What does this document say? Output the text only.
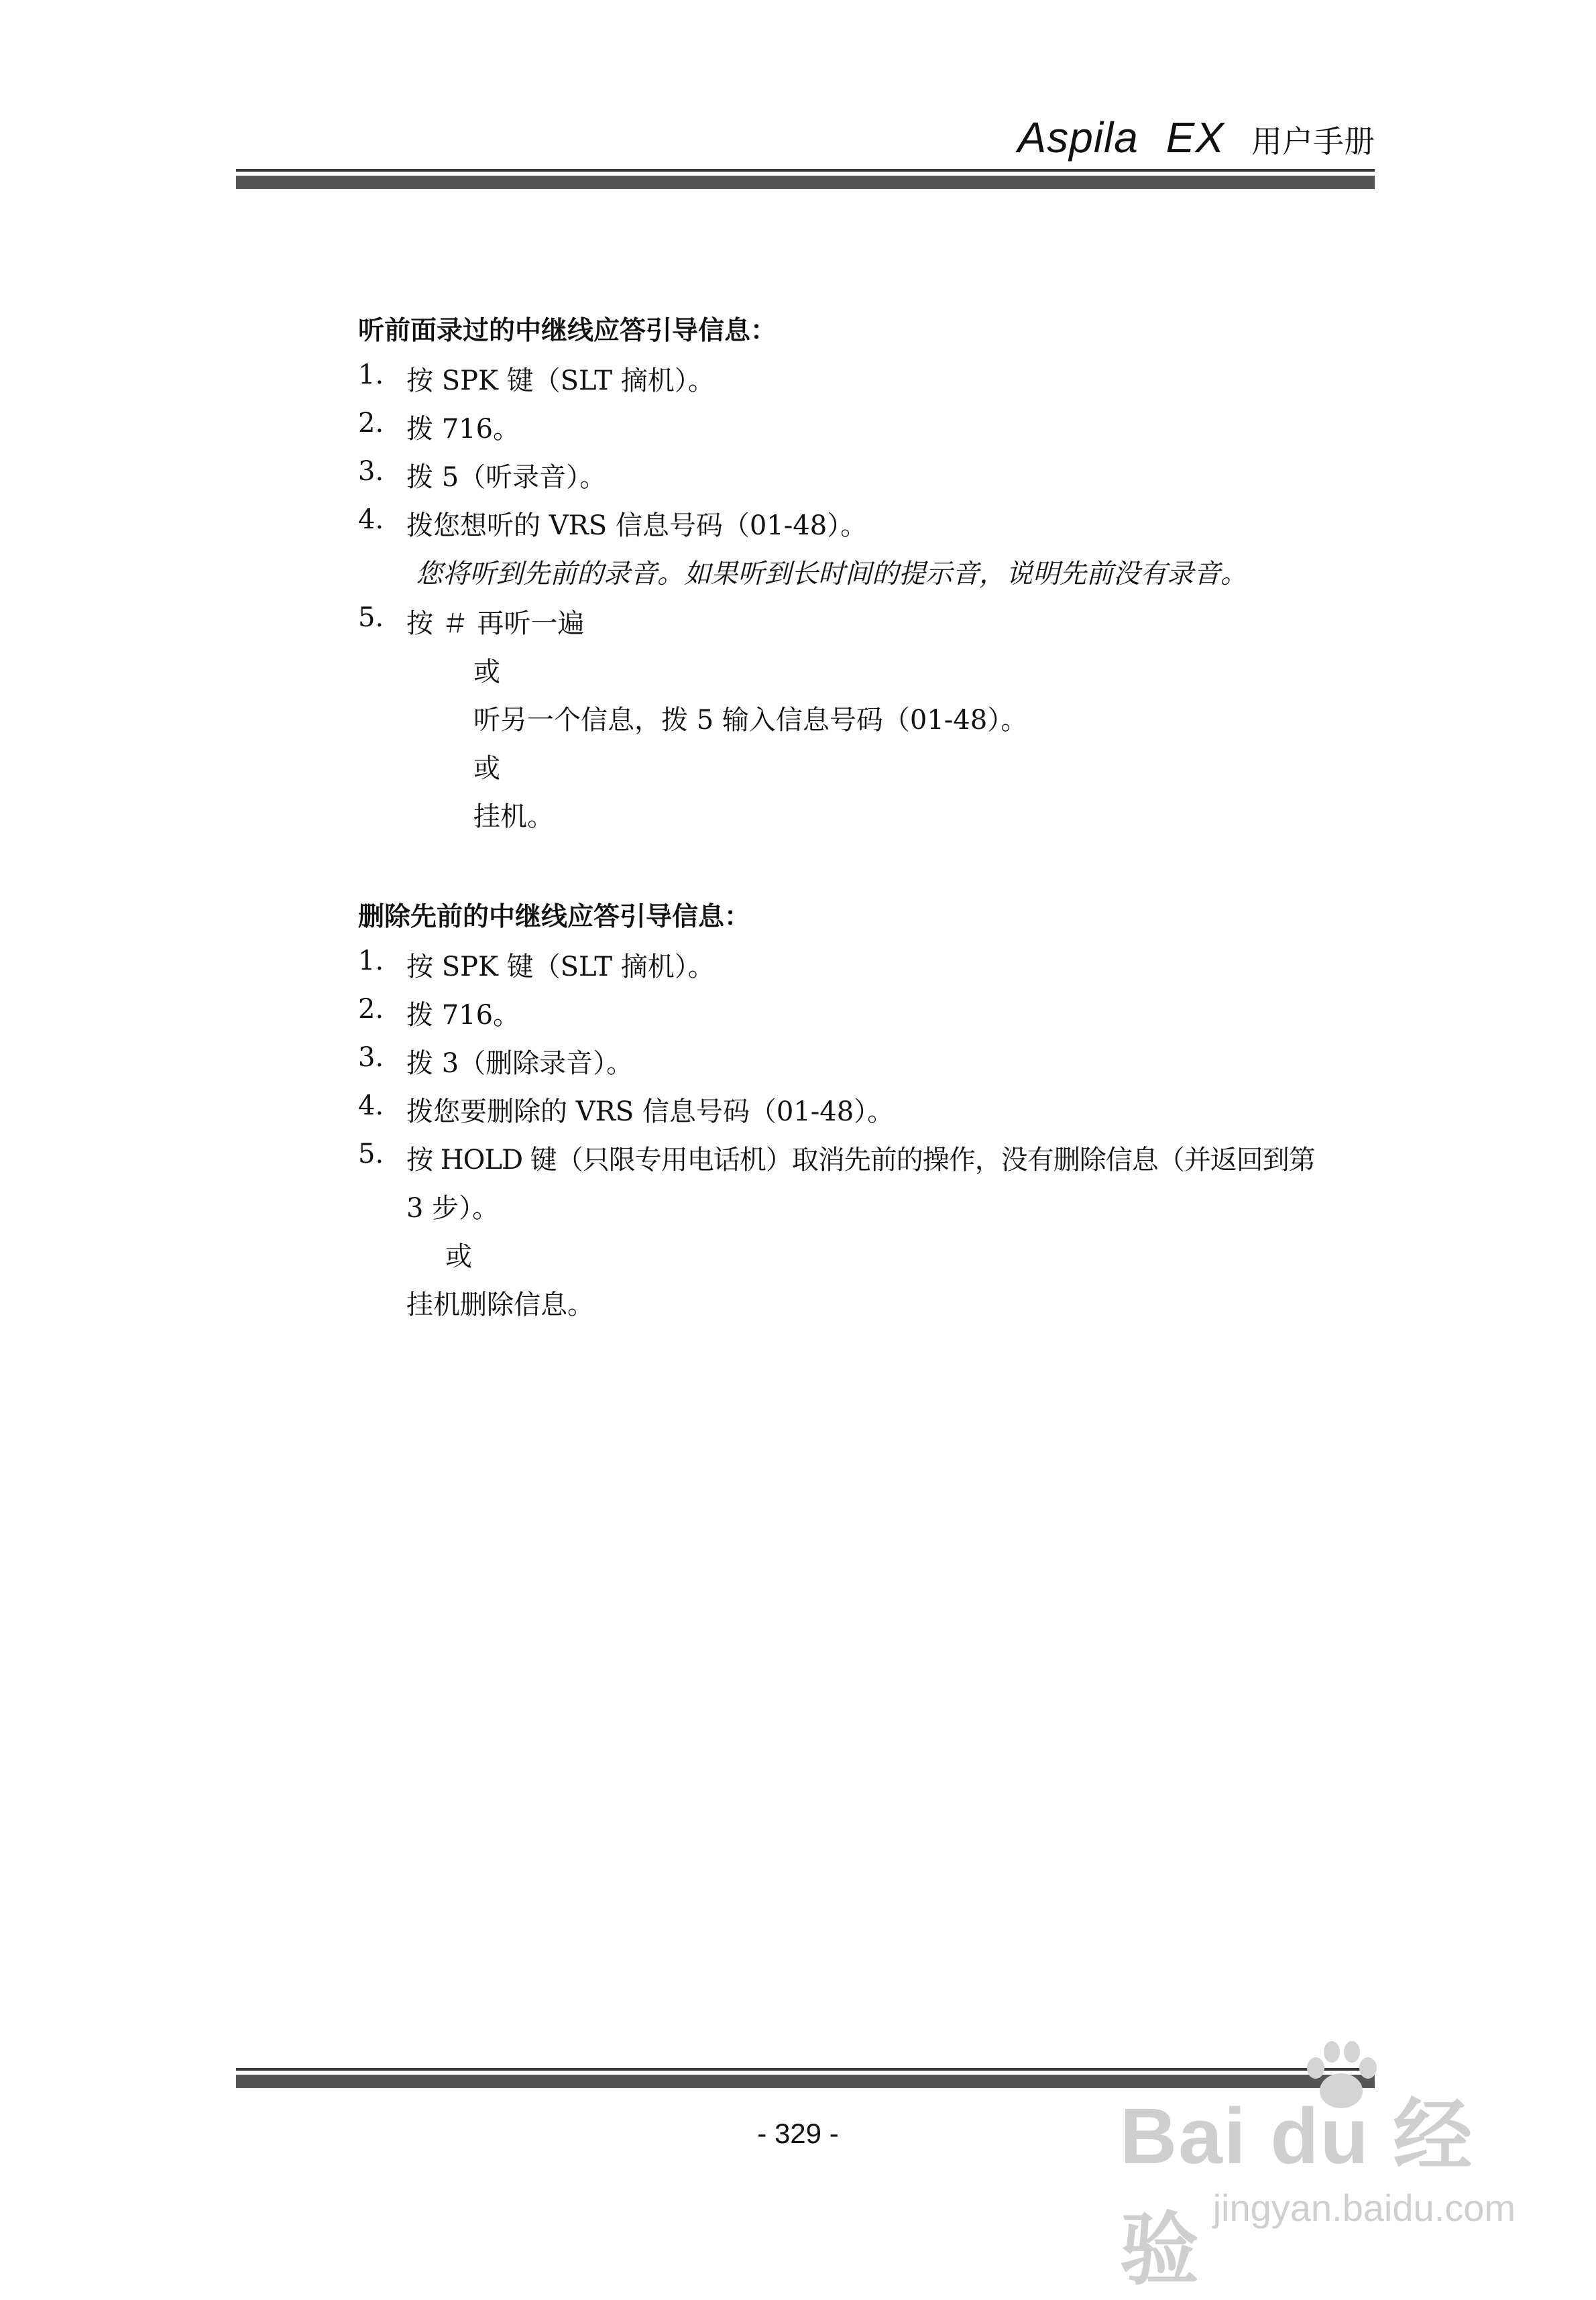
Aspila EX 用户手册
听前面录过的中继线应答引导信息：
1. 按 SPK 键（SLT 摘机）。
2. 拨 716。
3. 拨 5（听录音）。
4. 拨您想听的 VRS 信息号码（01-48）。
您将听到先前的录音。如果听到长时间的提示音，说明先前没有录音。
5. 按 ＃ 再听一遍
或
听另一个信息，拨 5 输入信息号码（01-48）。
或
挂机。
删除先前的中继线应答引导信息：
1. 按 SPK 键（SLT 摘机）。
2. 拨 716。
3. 拨 3（删除录音）。
4. 拨您要删除的 VRS 信息号码（01-48）。
5. 按 HOLD 键（只限专用电话机）取消先前的操作，没有删除信息（并返回到第
3 步）。
或
挂机删除信息。
- 329 -	Bai du 经验 jingyan.baidu.com
